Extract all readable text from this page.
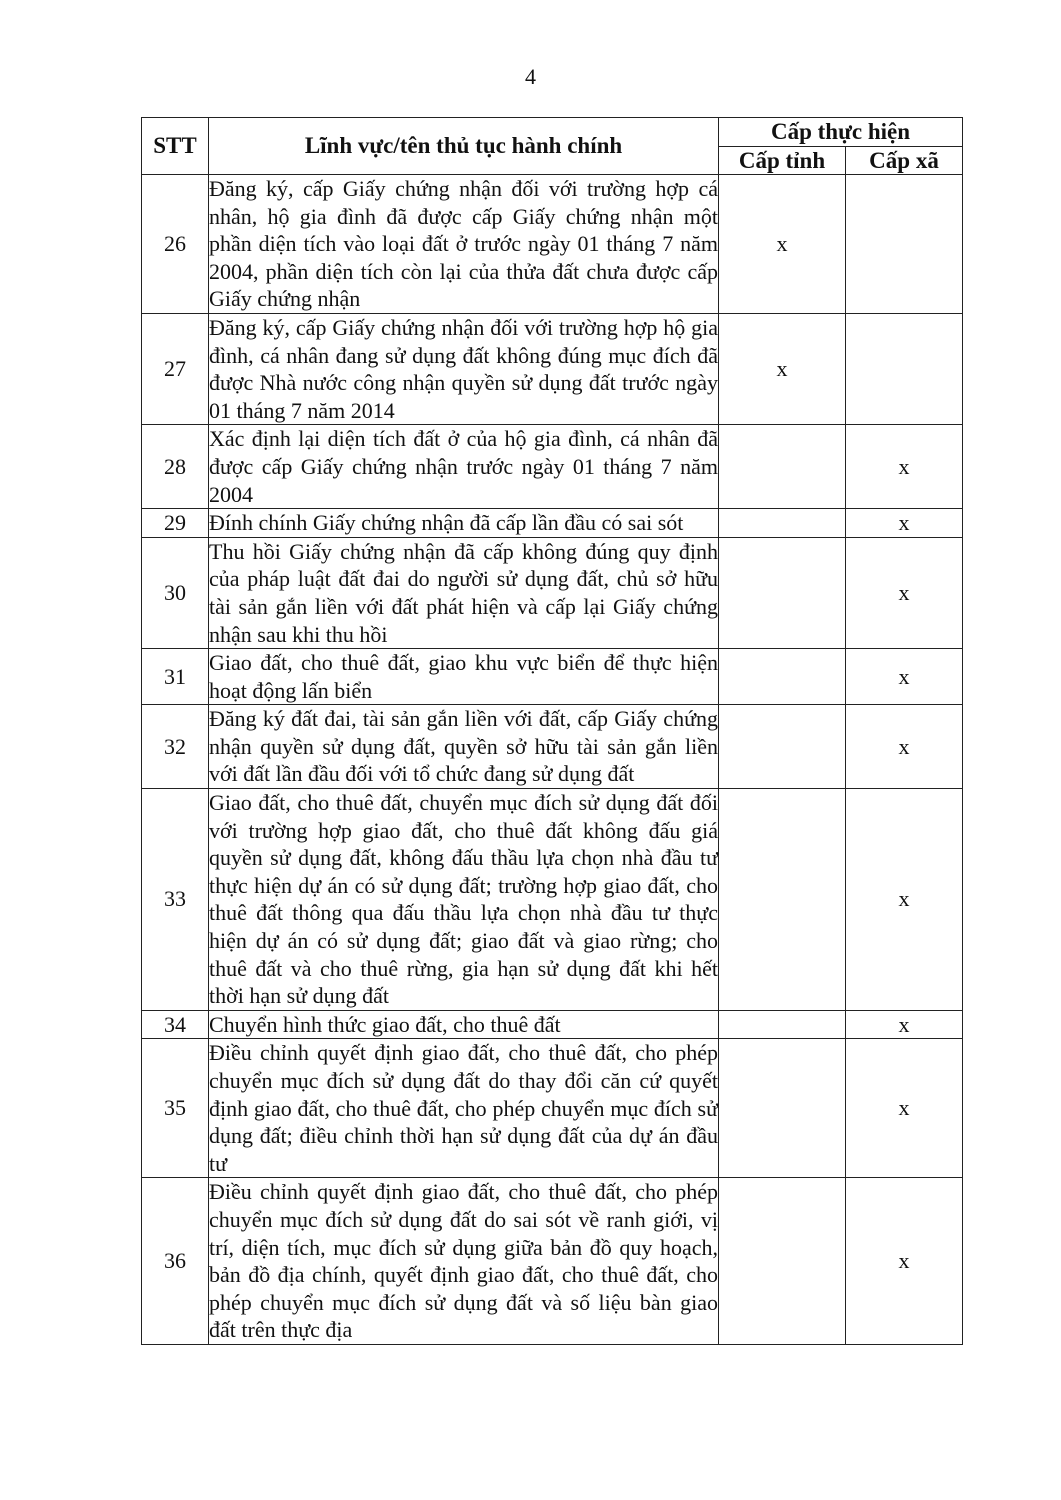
4
STT	Lĩnh vực/tên thủ tục hành chính	Cấp thực hiện	
		Cấp tỉnh	Cấp xã
26	Đăng ký, cấp Giấy chứng nhận đối với trường hợp cá nhân, hộ gia đình đã được cấp Giấy chứng nhận một phần diện tích vào loại đất ở trước ngày 01 tháng 7 năm 2004, phần diện tích còn lại của thửa đất chưa được cấp Giấy chứng nhận	x	
27	Đăng ký, cấp Giấy chứng nhận đối với trường hợp hộ gia đình, cá nhân đang sử dụng đất không đúng mục đích đã được Nhà nước công nhận quyền sử dụng đất trước ngày 01 tháng 7 năm 2014	x	
28	Xác định lại diện tích đất ở của hộ gia đình, cá nhân đã được cấp Giấy chứng nhận trước ngày 01 tháng 7 năm 2004		x
29	Đính chính Giấy chứng nhận đã cấp lần đầu có sai sót		x
30	Thu hồi Giấy chứng nhận đã cấp không đúng quy định của pháp luật đất đai do người sử dụng đất, chủ sở hữu tài sản gắn liền với đất phát hiện và cấp lại Giấy chứng nhận sau khi thu hồi		x
31	Giao đất, cho thuê đất, giao khu vực biển để thực hiện hoạt động lấn biển		x
32	Đăng ký đất đai, tài sản gắn liền với đất, cấp Giấy chứng nhận quyền sử dụng đất, quyền sở hữu tài sản gắn liền với đất lần đầu đối với tổ chức đang sử dụng đất		x
33	Giao đất, cho thuê đất, chuyển mục đích sử dụng đất đối với trường hợp giao đất, cho thuê đất không đấu giá quyền sử dụng đất, không đấu thầu lựa chọn nhà đầu tư thực hiện dự án có sử dụng đất; trường hợp giao đất, cho thuê đất thông qua đấu thầu lựa chọn nhà đầu tư thực hiện dự án có sử dụng đất; giao đất và giao rừng; cho thuê đất và cho thuê rừng, gia hạn sử dụng đất khi hết thời hạn sử dụng đất		x
34	Chuyển hình thức giao đất, cho thuê đất		x
35	Điều chỉnh quyết định giao đất, cho thuê đất, cho phép chuyển mục đích sử dụng đất do thay đổi căn cứ quyết định giao đất, cho thuê đất, cho phép chuyển mục đích sử dụng đất; điều chỉnh thời hạn sử dụng đất của dự án đầu tư		x
36	Điều chỉnh quyết định giao đất, cho thuê đất, cho phép chuyển mục đích sử dụng đất do sai sót về ranh giới, vị trí, diện tích, mục đích sử dụng giữa bản đồ quy hoạch, bản đồ địa chính, quyết định giao đất, cho thuê đất, cho phép chuyển mục đích sử dụng đất và số liệu bàn giao đất trên thực địa		x
